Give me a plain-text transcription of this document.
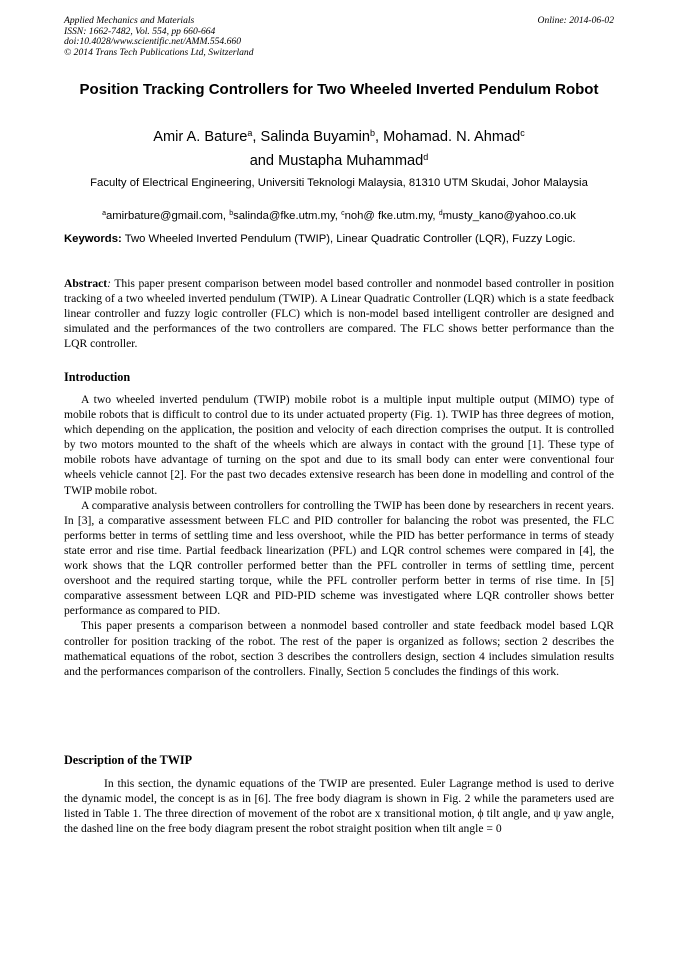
Applied Mechanics and Materials
ISSN: 1662-7482, Vol. 554, pp 660-664
doi:10.4028/www.scientific.net/AMM.554.660
© 2014 Trans Tech Publications Ltd, Switzerland
Online: 2014-06-02
Position Tracking Controllers for Two Wheeled Inverted Pendulum Robot
Amir A. Bature$^a$, Salinda Buyamin$^b$, Mohamad. N. Ahmad$^c$
and Mustapha Muhammad$^d$
Faculty of Electrical Engineering, Universiti Teknologi Malaysia, 81310 UTM Skudai, Johor Malaysia
$^a$amirbature@gmail.com, $^b$salinda@fke.utm.my, $^c$noh@ fke.utm.my, $^d$musty_kano@yahoo.co.uk
Keywords: Two Wheeled Inverted Pendulum (TWIP), Linear Quadratic Controller (LQR), Fuzzy Logic.
Abstract: This paper present comparison between model based controller and nonmodel based controller in position tracking of a two wheeled inverted pendulum (TWIP). A Linear Quadratic Controller (LQR) which is a state feedback linear controller and fuzzy logic controller (FLC) which is non-model based intelligent controller are designed and simulated and the performances of the two controllers are compared. The FLC shows better performance than the LQR controller.
Introduction

A two wheeled inverted pendulum (TWIP) mobile robot is a multiple input multiple output (MIMO) type of mobile robots that is difficult to control due to its under actuated property (Fig. 1). TWIP has three degrees of motion, which depending on the application, the position and velocity of each direction comprises the output. It is controlled by two motors mounted to the shaft of the wheels which are always in contact with the ground [1]. These type of mobile robots have advantage of turning on the spot and due to its small body can enter were conventional four wheels vehicle cannot [2]. For the past two decades extensive research has been done in modelling and control of the TWIP mobile robot.

A comparative analysis between controllers for controlling the TWIP has been done by researchers in recent years. In [3], a comparative assessment between FLC and PID controller for balancing the robot was presented, the FLC performs better in terms of settling time and less overshoot, while the PID has better performance in terms of steady state error and rise time. Partial feedback linearization (PFL) and LQR control schemes were compared in [4], the work shows that the LQR controller performed better than the PFL controller in terms of settling time, percent overshoot and the required starting torque, while the PFL controller perform better in terms of rise time. In [5] comparative assessment between LQR and PID-PID scheme was investigated where LQR controller shows better performance as compared to PID.

This paper presents a comparison between a nonmodel based controller and state feedback model based LQR controller for position tracking of the robot. The rest of the paper is organized as follows; section 2 describes the mathematical equations of the robot, section 3 describes the controllers design, section 4 includes simulation results and the performances comparison of the controllers. Finally, Section 5 concludes the findings of this work.

Description of the TWIP

In this section, the dynamic equations of the TWIP are presented. Euler Lagrange method is used to derive the dynamic model, the concept is as in [6]. The free body diagram is shown in Fig. 2 while the parameters used are listed in Table 1. The three direction of movement of the robot are x transitional motion, ϕ tilt angle, and ψ yaw angle, the dashed line on the free body diagram present the robot straight position when tilt angle = 0
